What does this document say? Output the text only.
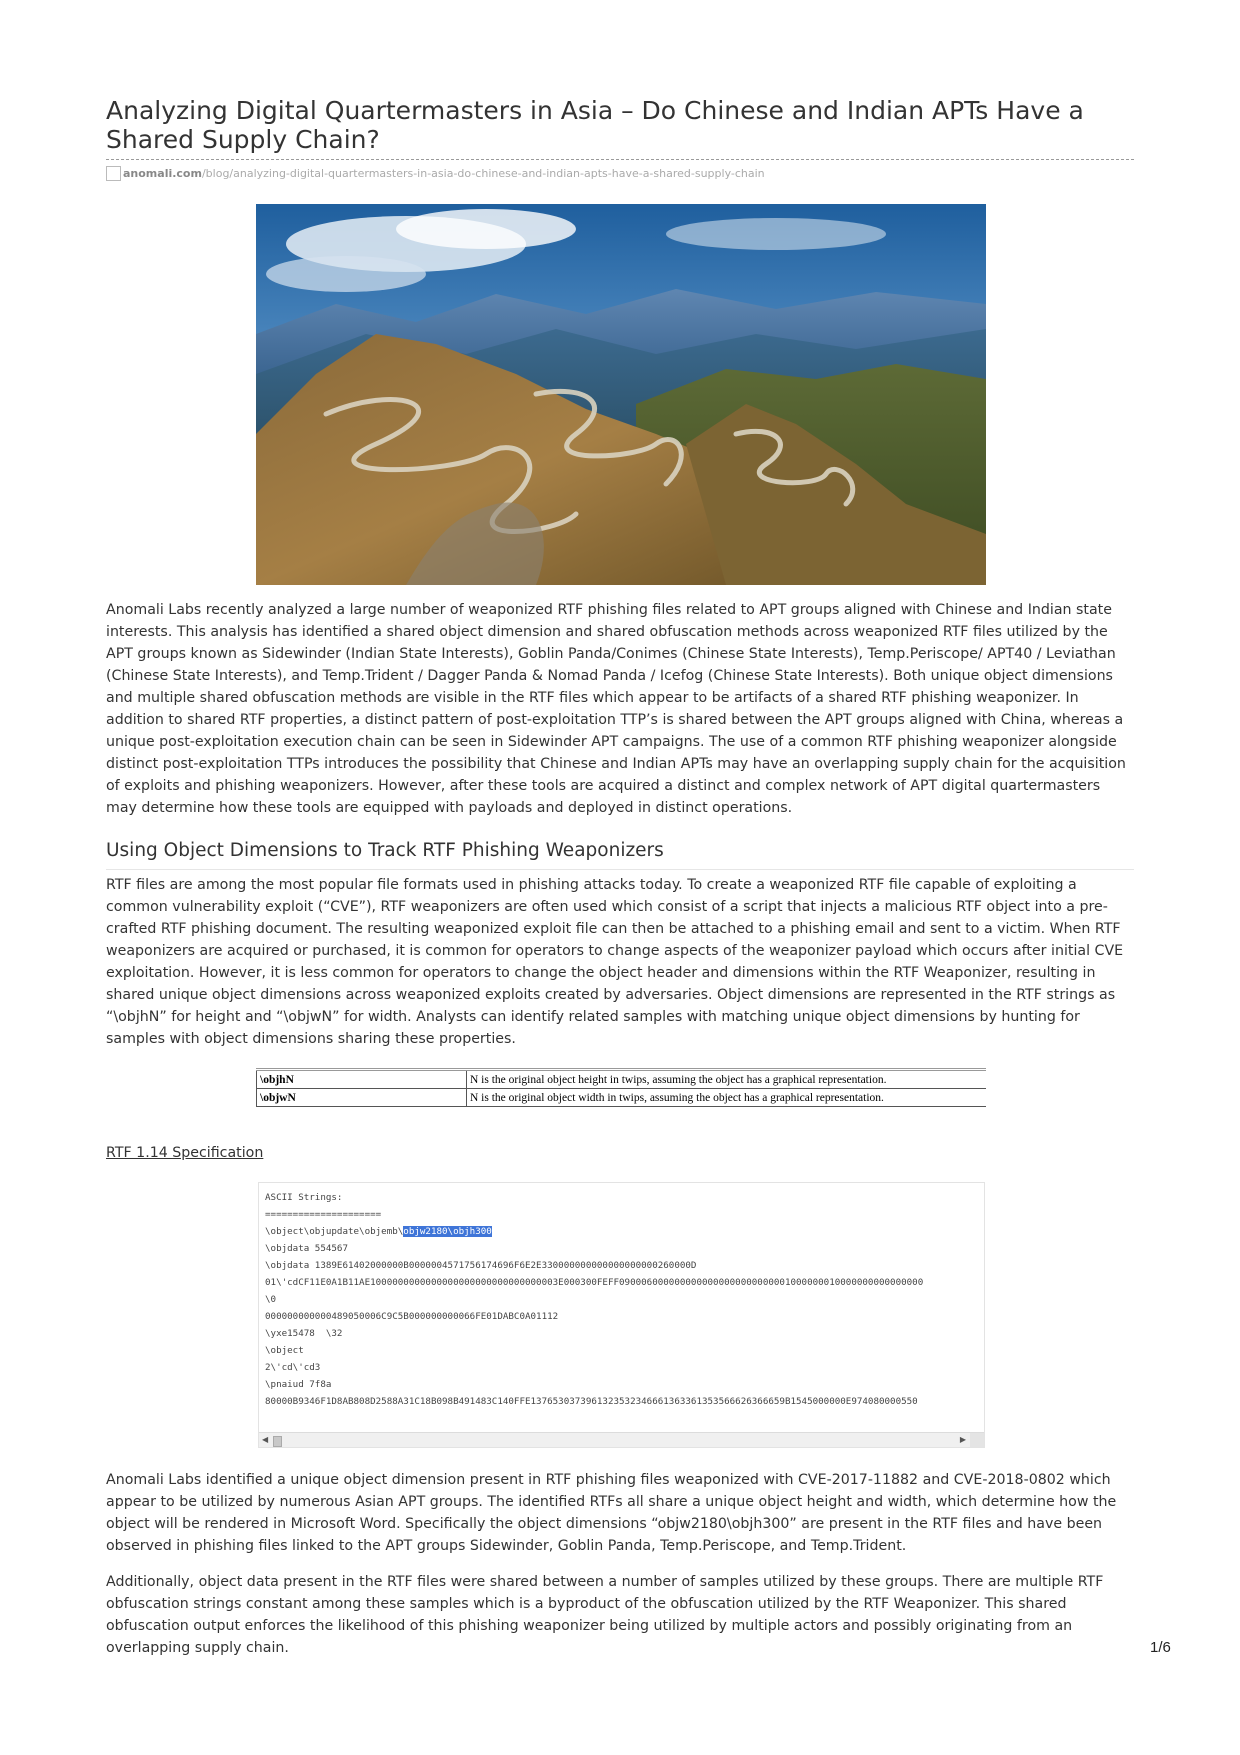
Analyzing Digital Quartermasters in Asia – Do Chinese and Indian APTs Have a Shared Supply Chain?
anomali.com /blog/analyzing-digital-quartermasters-in-asia-do-chinese-and-indian-apts-have-a-shared-supply-chain

Anomali Labs recently analyzed a large number of weaponized RTF phishing files related to APT groups aligned with Chinese and Indian state interests. This analysis has identified a shared object dimension and shared obfuscation methods across weaponized RTF files utilized by the APT groups known as Sidewinder (Indian State Interests), Goblin Panda/Conimes (Chinese State Interests), Temp.Periscope/ APT40 / Leviathan (Chinese State Interests), and Temp.Trident / Dagger Panda & Nomad Panda / Icefog (Chinese State Interests). Both unique object dimensions and multiple shared obfuscation methods are visible in the RTF files which appear to be artifacts of a shared RTF phishing weaponizer. In addition to shared RTF properties, a distinct pattern of post-exploitation TTP’s is shared between the APT groups aligned with China, whereas a unique post-exploitation execution chain can be seen in Sidewinder APT campaigns. The use of a common RTF phishing weaponizer alongside distinct post-exploitation TTPs introduces the possibility that Chinese and Indian APTs may have an overlapping supply chain for the acquisition of exploits and phishing weaponizers. However, after these tools are acquired a distinct and complex network of APT digital quartermasters may determine how these tools are equipped with payloads and deployed in distinct operations.

Using Object Dimensions to Track RTF Phishing Weaponizers

RTF files are among the most popular file formats used in phishing attacks today. To create a weaponized RTF file capable of exploiting a common vulnerability exploit (“CVE”), RTF weaponizers are often used which consist of a script that injects a malicious RTF object into a pre-crafted RTF phishing document. The resulting weaponized exploit file can then be attached to a phishing email and sent to a victim. When RTF weaponizers are acquired or purchased, it is common for operators to change aspects of the weaponizer payload which occurs after initial CVE exploitation. However, it is less common for operators to change the object header and dimensions within the RTF Weaponizer, resulting in shared unique object dimensions across weaponized exploits created by adversaries. Object dimensions are represented in the RTF strings as “\objhN” for height and “\objwN” for width. Analysts can identify related samples with matching unique object dimensions by hunting for samples with object dimensions sharing these properties.

\objhN	N is the original object height in twips, assuming the object has a graphical representation.
\objwN	N is the original object width in twips, assuming the object has a graphical representation.
RTF 1.14 Specification
ASCII Strings:
=====================
\object\objupdate\objemb\objw2180\objh300
\objdata 554567
\objdata 1389E61402000000B00000045717561746​96F6E2E330000000000000000000260000D
01\'cdCF11E0A1B11AE1000000000000000000000000000000003E000300FEFF0900060000000000000000000000001000000010000000000000000
\0
000000000000489050006C9C5B000000000066FE01DABC0A01112
\yxe15478  \32
\object
2\'cd\'cd3
\pnaiud 7f8a
80000B9346F1D8AB808D2588A31C18B098B491483C140FFE1376530373961323532346661363361353566626366659B1545000000E974080000550
◀	▶

Anomali Labs identified a unique object dimension present in RTF phishing files weaponized with CVE-2017-11882 and CVE-2018-0802 which appear to be utilized by numerous Asian APT groups. The identified RTFs all share a unique object height and width, which determine how the object will be rendered in Microsoft Word. Specifically the object dimensions “objw2180\objh300” are present in the RTF files and have been observed in phishing files linked to the APT groups Sidewinder, Goblin Panda, Temp.Periscope, and Temp.Trident.

Additionally, object data present in the RTF files were shared between a number of samples utilized by these groups. There are multiple RTF obfuscation strings constant among these samples which is a byproduct of the obfuscation utilized by the RTF Weaponizer. This shared obfuscation output enforces the likelihood of this phishing weaponizer being utilized by multiple actors and possibly originating from an overlapping supply chain.	1/6
